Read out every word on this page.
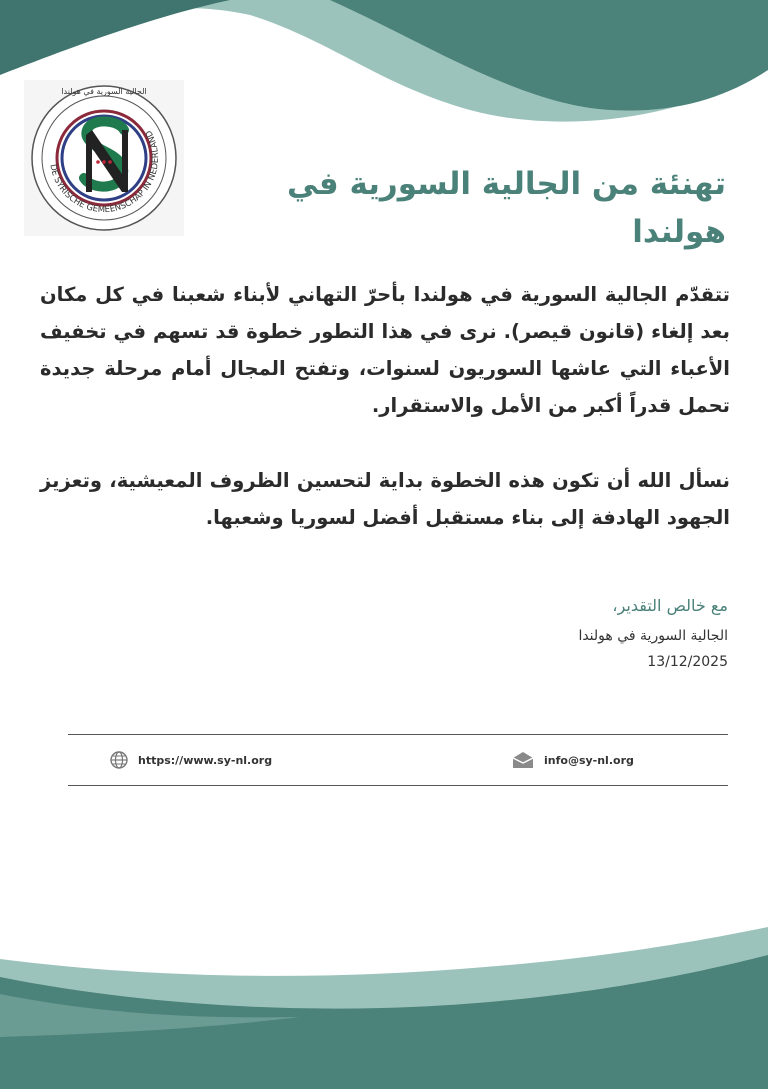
DE SYRISCHE GEMEENSCHAP IN NEDERLAND
الجالية السورية في هولندا
تهنئة من الجالية السورية في هولندا

تتقدّم الجالية السورية في هولندا بأحرّ التهاني لأبناء شعبنا في كل مكان بعد إلغاء (قانون قيصر). نرى في هذا التطور خطوة قد تسهم في تخفيف الأعباء التي عاشها السوريون لسنوات، وتفتح المجال أمام مرحلة جديدة تحمل قدراً أكبر من الأمل والاستقرار.

نسأل الله أن تكون هذه الخطوة بداية لتحسين الظروف المعيشية، وتعزيز الجهود الهادفة إلى بناء مستقبل أفضل لسوريا وشعبها.

مع خالص التقدير،

الجالية السورية في هولندا

13/12/2025

https://www.sy-nl.org	info@sy-nl.org
